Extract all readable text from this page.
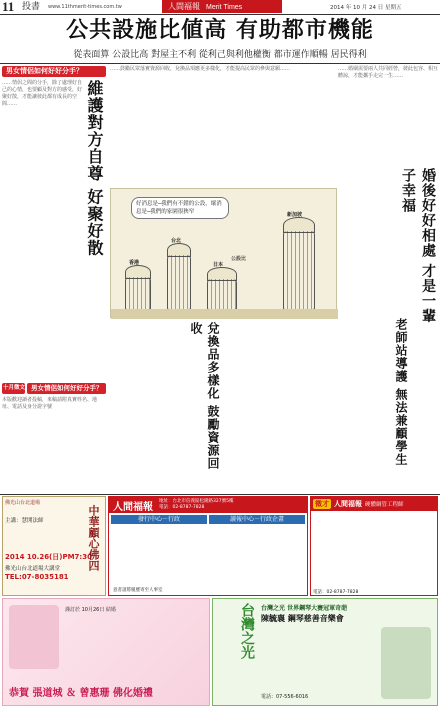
11 投書 www.11thmerit-times.com.tw	人間福報 Merit Times	2014 年 10 月 24 日 星期五
公共設施比値高 有助都市機能
從表面算 公設比高 對屋主不利 從利己與利他權衡 都市運作順暢 居民得利
……鼓勵民眾落實資源回收，兌換品項應更多樣化，才能提高民眾的參與意願……	……婚姻需要兩人共同經營，彼此包容、相互體諒，才能攜手走完一生……
男女情侶如何好好分手？
……情侶之間的分手，除了處理好自己的心情，也要顧及對方的感受，好聚好散，才能讓彼此都有成長的空間……	維護對方自尊 好聚好散
十月徵文 男女情侶如何好好分手？
本版歡迎讀者投稿，來稿請附真實姓名、地址、電話及身分證字號
好消息是─我們有不錯的公設，壞消息是─我們的家園很狹窄
台北
香港
公設比
新加坡
日本	婚後好好相處 才是一輩子幸福
老師站導護 無法兼顧學生
兌換品多樣化 鼓勵資源回收
佛光山台北道場
中華顧心佛四
主講：慧開法師
2014 10.26(日)PM7:30
佛光山台北道場大講堂
TEL:07-8035181
人間福報 地址：台北市信義區松隆路327號5樓
電話：02-8787-7828
發行中心－行政	讀報中心－行政企畫
意者請將履歷寄至人事室
徵才 人間福報 硬體網管工程師
電話：02-8787-7828
謹訂於 10月26日 結婚
恭賀 張道城 ＆ 曾惠珊 佛化婚禮
台灣之光	台灣之光 世界鋼琴大賽冠軍奇葩
陳毓襄 鋼琴慈善音樂會
電話：07-556-6016
